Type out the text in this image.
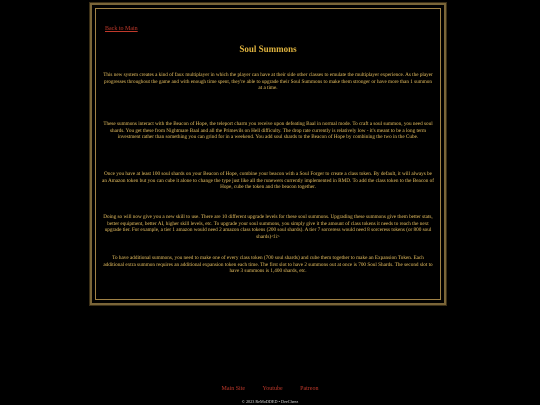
Back to Main
Soul Summons

This new system creates a kind of faux multiplayer in which the player can have at their side other classes to emulate the multiplayer experience. As the player progresses throughout the game and with enough time spent, they're able to upgrade their Soul Summons to make them stronger or have more than 1 summon at a time.

These summons interact with the Beacon of Hope, the teleport charm you receive upon defeating Baal in normal mode. To craft a soul summon, you need soul shards. You get these from Nightmare Baal and all the Primevils on Hell difficulty. The drop rate currently is relatively low - it's meant to be a long term investment rather than something you can grind for in a weekend. You add soul shards to the Beacon of Hope by combining the two in the Cube.

Once you have at least 100 soul shards on your Beacon of Hope, combine your beacon with a Soul Forger to create a class token. By default, it will always be an Amazon token but you can cube it alone to change the type just like all the runewers currently implemented in RMD. To add the class token to the Beacon of Hope, cube the token and the beacon together.

Doing so will now give you a new skill to use. There are 10 different upgrade levels for these soul summons. Upgrading these summons give them better stats, better equipment, better AI, higher skill levels, etc. To upgrade your soul summons, you simply give it the amount of class tokens it needs to reach the next upgrade tier. For example, a tier 1 amazon would need 2 amazon class tokens (200 soul shards). A tier 7 sorceress would need 8 sorceress tokens (or 800 soul shards)<li>

To have additional summons, you need to make one of every class token (700 soul shards) and cube them together to make an Expansion Token. Each additional extra summon requires an additional expansion token each time. The first slot to have 2 summons out at once is 700 Soul Shards. The second slot to have 3 summons is 1,400 shards, etc.

Main Site	Youtube	Patreon
© 2023 ReMoDDED • DeeCheez
